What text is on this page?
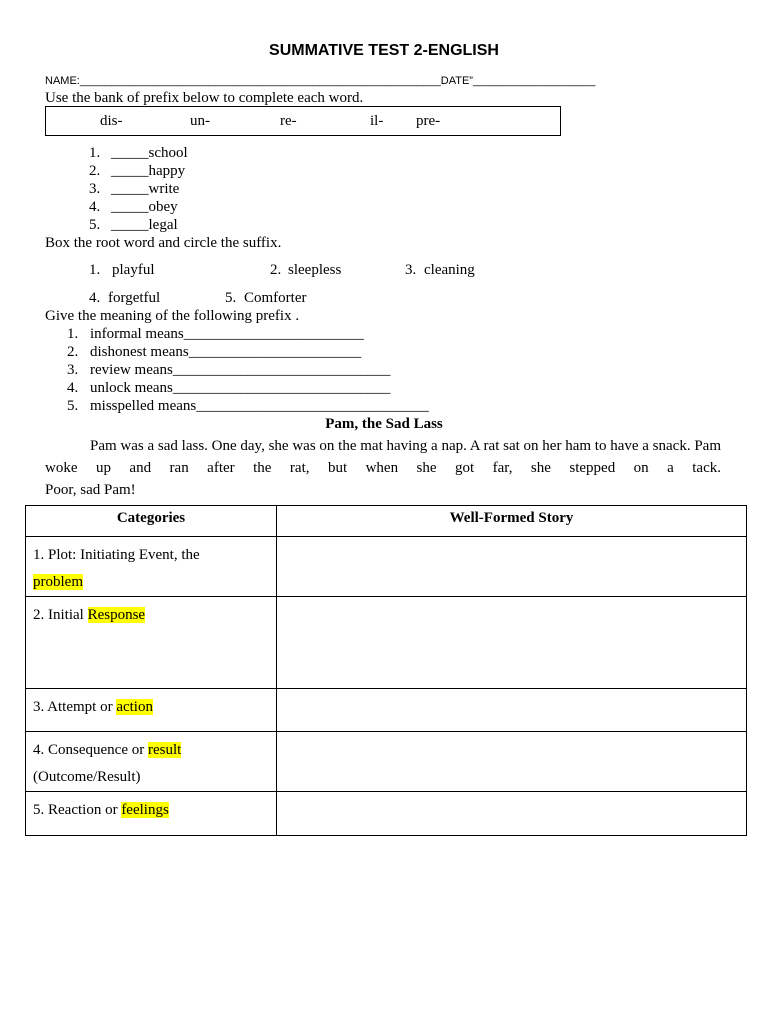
SUMMATIVE TEST 2-ENGLISH
NAME:___________________________________________________________DATE”____________________
Use the bank of prefix below to complete each word.
dis-	un-	re-	il- pre-
1. _____school
2. _____happy
3. _____write
4. _____obey
5. _____legal
Box the root word and circle the suffix.
1. playful	2. sleepless	3. cleaning
4. forgetful	5. Comforter
Give the meaning of the following prefix .
1. informal means________________________
2. dishonest means_______________________
3. review means_____________________________
4. unlock means_____________________________
5. misspelled means_______________________________
Pam, the Sad Lass
Pam was a sad lass. One day, she was on the mat having a nap. A rat sat on her ham to have a snack. Pam woke up and ran after the rat, but when she got far, she stepped on a tack.
Poor, sad Pam!
Categories	Well-Formed Story
1. Plot: Initiating Event, the
problem	
2. Initial Response	
3. Attempt or action	
4. Consequence or result
(Outcome/Result)	
5. Reaction or feelings	
